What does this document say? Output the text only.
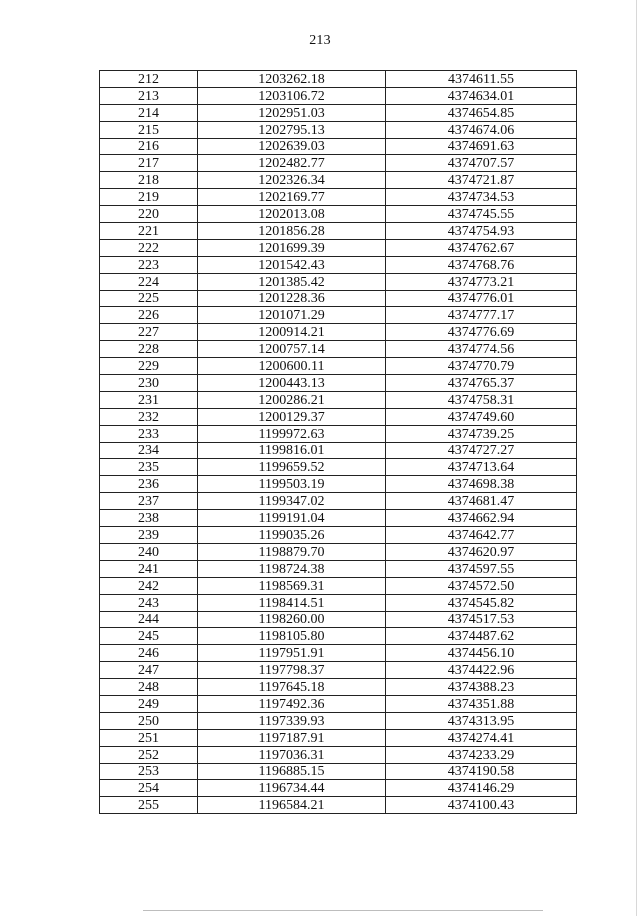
213
212	1203262.18	4374611.55
213	1203106.72	4374634.01
214	1202951.03	4374654.85
215	1202795.13	4374674.06
216	1202639.03	4374691.63
217	1202482.77	4374707.57
218	1202326.34	4374721.87
219	1202169.77	4374734.53
220	1202013.08	4374745.55
221	1201856.28	4374754.93
222	1201699.39	4374762.67
223	1201542.43	4374768.76
224	1201385.42	4374773.21
225	1201228.36	4374776.01
226	1201071.29	4374777.17
227	1200914.21	4374776.69
228	1200757.14	4374774.56
229	1200600.11	4374770.79
230	1200443.13	4374765.37
231	1200286.21	4374758.31
232	1200129.37	4374749.60
233	1199972.63	4374739.25
234	1199816.01	4374727.27
235	1199659.52	4374713.64
236	1199503.19	4374698.38
237	1199347.02	4374681.47
238	1199191.04	4374662.94
239	1199035.26	4374642.77
240	1198879.70	4374620.97
241	1198724.38	4374597.55
242	1198569.31	4374572.50
243	1198414.51	4374545.82
244	1198260.00	4374517.53
245	1198105.80	4374487.62
246	1197951.91	4374456.10
247	1197798.37	4374422.96
248	1197645.18	4374388.23
249	1197492.36	4374351.88
250	1197339.93	4374313.95
251	1197187.91	4374274.41
252	1197036.31	4374233.29
253	1196885.15	4374190.58
254	1196734.44	4374146.29
255	1196584.21	4374100.43
